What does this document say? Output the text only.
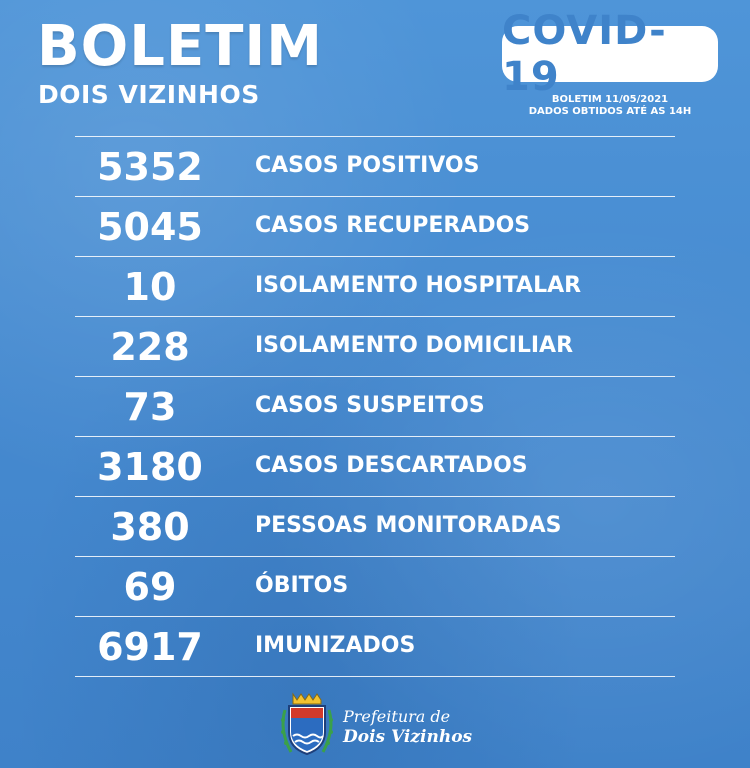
BOLETIM
DOIS VIZINHOS
COVID-19
BOLETIM 11/05/2021
DADOS OBTIDOS ATÉ AS 14H
5352	CASOS POSITIVOS
5045	CASOS RECUPERADOS
10	ISOLAMENTO HOSPITALAR
228	ISOLAMENTO DOMICILIAR
73	CASOS SUSPEITOS
3180	CASOS DESCARTADOS
380	PESSOAS MONITORADAS
69	ÓBITOS
6917	IMUNIZADOS
Prefeitura de
Dois Vizinhos
